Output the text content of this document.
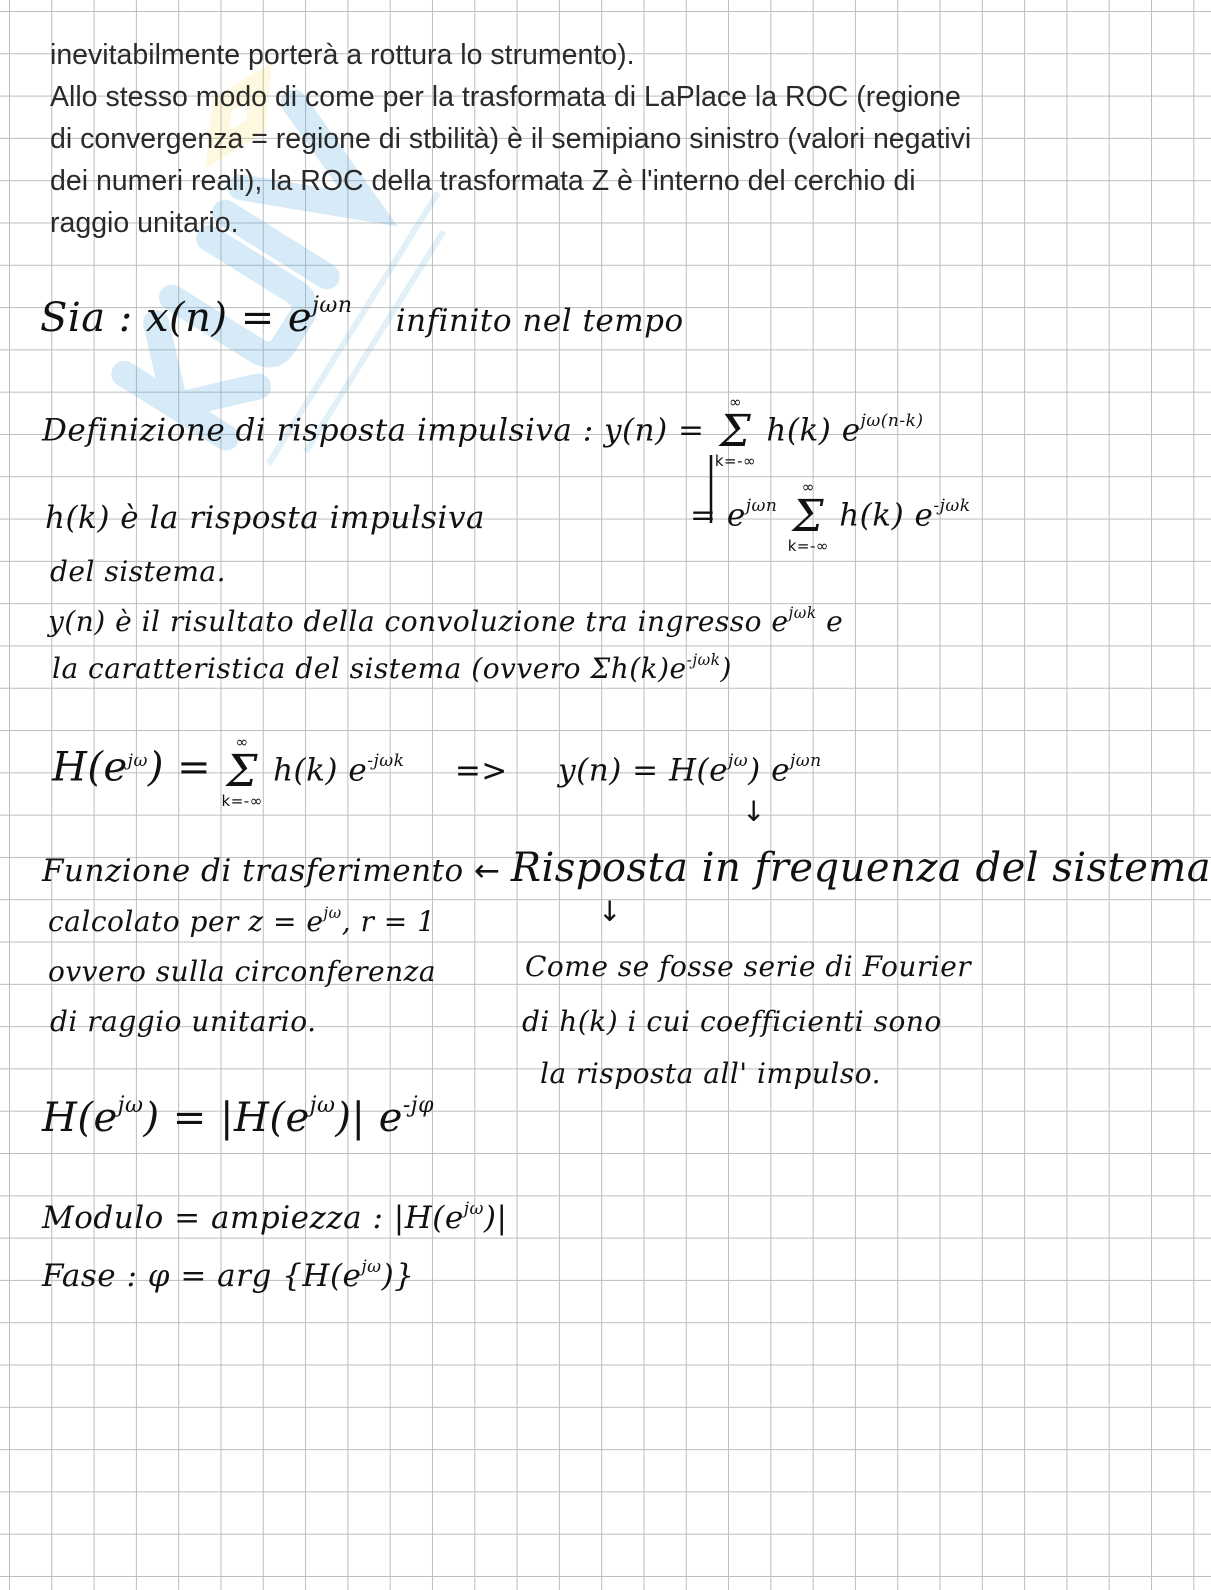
inevitabilmente porterà a rottura lo strumento).
Allo stesso modo di come per la trasformata di LaPlace la ROC (regione
di convergenza = regione di stbilità) è il semipiano sinistro (valori negativi
dei numeri reali), la ROC della trasformata Z è l'interno del cerchio di
raggio unitario.
Sia : $x(n) = e^{j\omega n}$ infinito nel tempo
Definizione di risposta impulsiva : y(n) =
∞
Σ
k=-∞
h(k) $e^{j\omega(n-k)}$
= $e^{j\omega n}$
∞
Σ
k=-∞
h(k) $e^{-j\omega k}$
h(k) è la risposta impulsiva
del sistema.
y(n) è il risultato della convoluzione tra ingresso $e^{j\omega k}$ e
la caratteristica del sistema (ovvero $\Sigma h(k)e^{-j\omega k}$)
$H(e^{j\omega})$ =
∞
Σ
k=-∞
h(k) $e^{-j\omega k} => y(n) = H(e^{j\omega})$ $e^{j\omega n}$
↓
Funzione di trasferimento ← Risposta in frequenza del sistema
↓
calcolato per $z = e^{j\omega}$, r = 1
ovvero sulla circonferenza
di raggio unitario.
Come se fosse serie di Fourier
di h(k) i cui coefficienti sono
la risposta all' impulso.
$H(e^{j\omega}) = |H(e^{j\omega})|$ $e^{-j\varphi}$
Modulo = ampiezza : $|H(e^{j\omega})|$
Fase : φ = arg $\{H(e^{j\omega})\}$
